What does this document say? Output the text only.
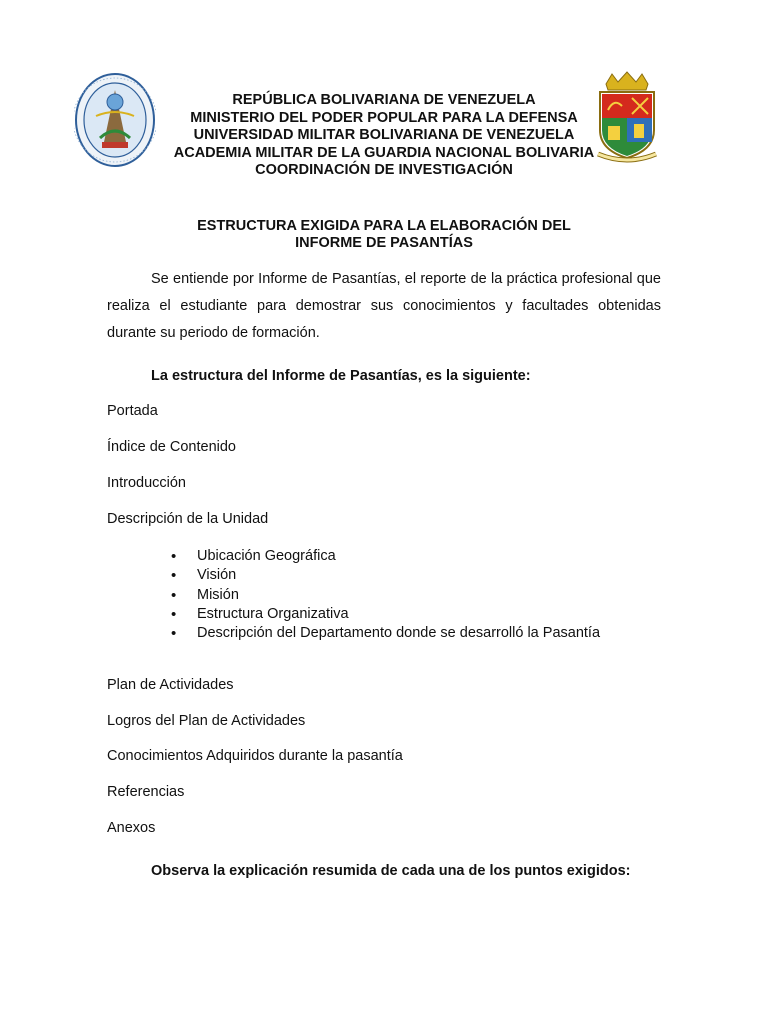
REPÚBLICA BOLIVARIANA DE VENEZUELA
MINISTERIO DEL PODER POPULAR PARA LA DEFENSA
UNIVERSIDAD MILITAR BOLIVARIANA DE VENEZUELA
ACADEMIA MILITAR DE LA GUARDIA NACIONAL BOLIVARIA
COORDINACIÓN DE INVESTIGACIÓN
ESTRUCTURA EXIGIDA PARA LA ELABORACIÓN DEL
INFORME DE PASANTÍAS
Se entiende por Informe de Pasantías, el reporte de la práctica profesional que realiza el estudiante para demostrar sus conocimientos y facultades obtenidas durante su periodo de formación.
La estructura del Informe de Pasantías, es la siguiente:
Portada
Índice de Contenido
Introducción
Descripción de la Unidad
• Ubicación Geográfica
• Visión
• Misión
• Estructura Organizativa
• Descripción del Departamento donde se desarrolló la Pasantía
Plan de Actividades
Logros del Plan de Actividades
Conocimientos Adquiridos durante la pasantía
Referencias
Anexos
Observa la explicación resumida de cada una de los puntos exigidos:
